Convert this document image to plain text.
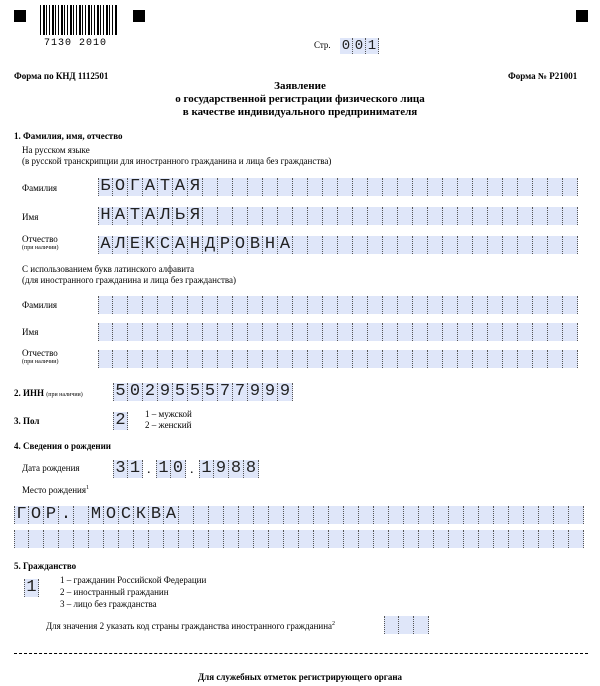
7130 2010	Стр. 0 0 1
Форма по КНД 1112501	Форма № Р21001
Заявление
о государственной регистрации физического лица
в качестве индивидуального предпринимателя
1. Фамилия, имя, отчество
На русском языке
(в русской транскрипции для иностранного гражданина и лица без гражданства)
Фамилия	Б О Г А Т А Я
Имя	Н А Т А Л Ь Я
Отчество
(при наличии) А Л Е К С А Н Д Р О В Н А
С использованием букв латинского алфавита
(для иностранного гражданина и лица без гражданства)
Фамилия
Имя
Отчество
(при наличии)
2. ИНН (при наличии) 5 0 2 9 5 5 5 7 7 9 9 9
3. Пол	2 1 – мужской
2 – женский
4. Сведения о рождении
Дата рождения 3 1 . 1 0 . 1 9 8 8
Место рождения$^1$
Г О Р . М О С К В А
5. Гражданство
1	1 – гражданин Российской Федерации
2 – иностранный гражданин
3 – лицо без гражданства
Для значения 2 указать код страны гражданства иностранного гражданина$^2$
Для служебных отметок регистрирующего органа
